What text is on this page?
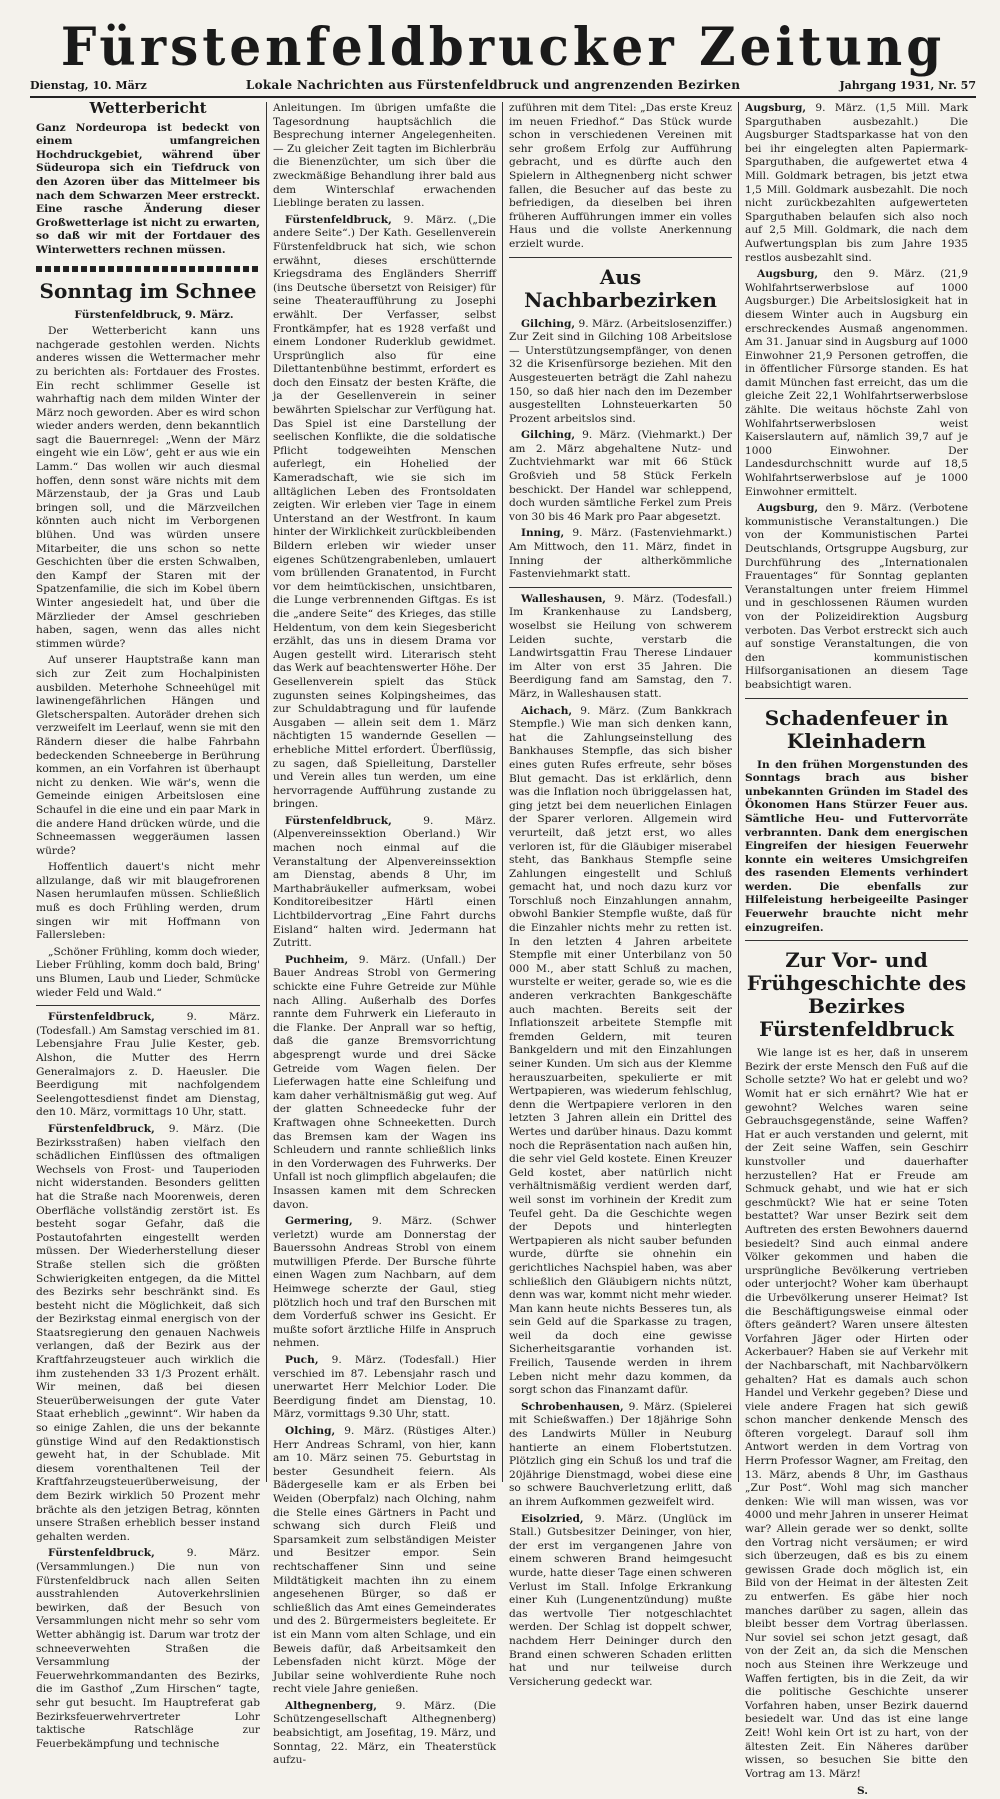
Fürstenfeldbrucker Zeitung
Dienstag, 10. März	Lokale Nachrichten aus Fürstenfeldbruck und angrenzenden Bezirken	Jahrgang 1931, Nr. 57
Wetterbericht

Ganz Nordeuropa ist bedeckt von einem umfangreichen Hochdruckgebiet, während über Südeuropa sich ein Tiefdruck von den Azoren über das Mittelmeer bis nach dem Schwarzen Meer erstreckt. Eine rasche Änderung dieser Großwetterlage ist nicht zu erwarten, so daß wir mit der Fortdauer des Winterwetters rechnen müssen.

Sonntag im Schnee

Fürstenfeldbruck, 9. März.

Der Wetterbericht kann uns nachgerade gestohlen werden. Nichts anderes wissen die Wettermacher mehr zu berichten als: Fortdauer des Frostes. Ein recht schlimmer Geselle ist wahrhaftig nach dem milden Winter der März noch geworden. Aber es wird schon wieder anders werden, denn bekanntlich sagt die Bauernregel: „Wenn der März eingeht wie ein Löw‘, geht er aus wie ein Lamm.“ Das wollen wir auch diesmal hoffen, denn sonst wäre nichts mit dem Märzenstaub, der ja Gras und Laub bringen soll, und die Märzveilchen könnten auch nicht im Verborgenen blühen. Und was würden unsere Mitarbeiter, die uns schon so nette Geschichten über die ersten Schwalben, den Kampf der Staren mit der Spatzenfamilie, die sich im Kobel übern Winter angesiedelt hat, und über die Märzlieder der Amsel geschrieben haben, sagen, wenn das alles nicht stimmen würde?

Auf unserer Hauptstraße kann man sich zur Zeit zum Hochalpinisten ausbilden. Meterhohe Schneehügel mit lawinengefährlichen Hängen und Gletscherspalten. Autoräder drehen sich verzweifelt im Leerlauf, wenn sie mit den Rändern dieser die halbe Fahrbahn bedeckenden Schneeberge in Berührung kommen, an ein Vorfahren ist überhaupt nicht zu denken. Wie wär's, wenn die Gemeinde einigen Arbeitslosen eine Schaufel in die eine und ein paar Mark in die andere Hand drücken würde, und die Schneemassen weggeräumen lassen würde?

Hoffentlich dauert's nicht mehr allzulange, daß wir mit blaugefrorenen Nasen herumlaufen müssen. Schließlich muß es doch Frühling werden, drum singen wir mit Hoffmann von Fallersleben:

„Schöner Frühling, komm doch wieder, Lieber Frühling, komm doch bald, Bring' uns Blumen, Laub und Lieder, Schmücke wieder Feld und Wald.“

Fürstenfeldbruck,	9. März. (Todesfall.) Am Samstag verschied im 81. Lebensjahre Frau Julie Kester, geb. Alshon, die Mutter des Herrn Generalmajors z. D. Haeusler. Die Beerdigung mit nachfolgendem Seelengottesdienst findet am Dienstag, den 10. März, vormittags 10 Uhr, statt.

Fürstenfeldbruck, 9. März. (Die Bezirksstraßen) haben vielfach den schädlichen Einflüssen des oftmaligen Wechsels von Frost- und Tauperioden nicht widerstanden. Besonders gelitten hat die Straße nach Moorenweis, deren Oberfläche vollständig zerstört ist. Es besteht sogar Gefahr, daß die Postautofahrten eingestellt werden müssen. Der Wiederherstellung dieser Straße stellen sich die größten Schwierigkeiten entgegen, da die Mittel des Bezirks sehr beschränkt sind. Es besteht nicht die Möglichkeit, daß sich der Bezirkstag einmal energisch von der Staatsregierung den genauen Nachweis verlangen, daß der Bezirk aus der Kraftfahrzeugsteuer auch wirklich die ihm zustehenden 33 1/3 Prozent erhält. Wir meinen, daß bei diesen Steuerüberweisungen der gute Vater Staat erheblich „gewinnt“. Wir haben da so einige Zahlen, die uns der bekannte günstige Wind auf den Redaktionstisch geweht hat, in der Schublade. Mit diesem vorenthaltenen Teil der Kraftfahrzeugsteuerüberweisung, der dem Bezirk wirklich 50 Prozent mehr brächte als den jetzigen Betrag, könnten unsere Straßen erheblich besser instand gehalten werden.

Fürstenfeldbruck,	9. März. (Versammlungen.) Die nun von Fürstenfeldbruck nach allen Seiten ausstrahlenden Autoverkehrslinien bewirken, daß der Besuch von Versammlungen nicht mehr so sehr vom Wetter abhängig ist. Darum war trotz der schneeverwehten Straßen die Versammlung der Feuerwehrkommandanten des Bezirks, die im Gasthof „Zum Hirschen“ tagte, sehr gut besucht. Im Hauptreferat gab Bezirksfeuerwehrvertreter Lohr taktische Ratschläge zur Feuerbekämpfung und technische

Anleitungen. Im übrigen umfaßte die Tagesordnung hauptsächlich die Besprechung interner Angelegenheiten. — Zu gleicher Zeit tagten im Bichlerbräu die Bienenzüchter, um sich über die zweckmäßige Behandlung ihrer bald aus dem Winterschlaf erwachenden Lieblinge beraten zu lassen.

Fürstenfeldbruck, 9. März. („Die andere Seite“.) Der Kath. Gesellenverein Fürstenfeldbruck hat sich, wie schon erwähnt, dieses erschütternde Kriegsdrama des Engländers Sherriff (ins Deutsche übersetzt von Reisiger) für seine Theateraufführung zu Josephi erwählt. Der Verfasser, selbst Frontkämpfer, hat es 1928 verfaßt und einem Londoner Ruderklub gewidmet. Ursprünglich also für eine Dilettantenbühne bestimmt, erfordert es doch den Einsatz der besten Kräfte, die ja der Gesellenverein in seiner bewährten Spielschar zur Verfügung hat. Das Spiel ist eine Darstellung der seelischen Konflikte, die die soldatische Pflicht todgeweihten Menschen auferlegt, ein Hohelied der Kameradschaft, wie sie sich im alltäglichen Leben des Frontsoldaten zeigten. Wir erleben vier Tage in einem Unterstand an der Westfront. In kaum hinter der Wirklichkeit zurückbleibenden Bildern erleben wir wieder unser eigenes Schützengrabenleben, umlauert vom brüllenden Granatentod, in Furcht vor dem heimtückischen, unsichtbaren, die Lunge verbrennenden Giftgas. Es ist die „andere Seite“ des Krieges, das stille Heldentum, von dem kein Siegesbericht erzählt, das uns in diesem Drama vor Augen gestellt wird. Literarisch steht das Werk auf beachtenswerter Höhe. Der Gesellenverein spielt das Stück zugunsten seines Kolpingsheimes, das zur Schuldabtragung und für laufende Ausgaben — allein seit dem 1. März nächtigten 15 wandernde Gesellen — erhebliche Mittel erfordert. Überflüssig, zu sagen, daß Spielleitung, Darsteller und Verein alles tun werden, um eine hervorragende Aufführung zustande zu bringen.

Fürstenfeldbruck,	9. März. (Alpenvereinssektion Oberland.) Wir machen noch einmal auf die Veranstaltung der Alpenvereinssektion am Dienstag, abends 8 Uhr, im Marthabräukeller aufmerksam, wobei Konditoreibesitzer Härtl einen Lichtbildervortrag „Eine Fahrt durchs Eisland“ halten wird. Jedermann hat Zutritt.

Puchheim, 9. März. (Unfall.) Der Bauer Andreas Strobl von Germering schickte eine Fuhre Getreide zur Mühle nach Alling. Außerhalb des Dorfes rannte dem Fuhrwerk ein Lieferauto in die Flanke. Der Anprall war so heftig, daß die ganze Bremsvorrichtung abgesprengt wurde und drei Säcke Getreide vom Wagen fielen. Der Lieferwagen hatte eine Schleifung und kam daher verhältnismäßig gut weg. Auf der glatten Schneedecke fuhr der Kraftwagen ohne Schneeketten. Durch das Bremsen kam der Wagen ins Schleudern und rannte schließlich links in den Vorderwagen des Fuhrwerks. Der Unfall ist noch glimpflich abgelaufen; die Insassen kamen mit dem Schrecken davon.

Germering, 9. März. (Schwer verletzt) wurde am Donnerstag der Bauerssohn Andreas Strobl von einem mutwilligen Pferde. Der Bursche führte einen Wagen zum Nachbarn, auf dem Heimwege scherzte der Gaul, stieg plötzlich hoch und traf den Burschen mit dem Vorderfuß schwer ins Gesicht. Er mußte sofort ärztliche Hilfe in Anspruch nehmen.

Puch, 9. März. (Todesfall.) Hier verschied im 87. Lebensjahr rasch und unerwartet Herr Melchior Loder. Die Beerdigung findet am Dienstag, 10. März, vormittags 9.30 Uhr, statt.

Olching, 9. März. (Rüstiges Alter.) Herr Andreas Schraml, von hier, kann am 10. März seinen 75. Geburtstag in bester Gesundheit feiern. Als Bädergeselle kam er als Erben bei Weiden (Oberpfalz) nach Olching, nahm die Stelle eines Gärtners in Pacht und schwang sich durch Fleiß und Sparsamkeit zum selbständigen Meister und Besitzer empor. Sein rechtschaffener Sinn und seine Mildtätigkeit machten ihn zu einem angesehenen Bürger, so daß er schließlich das Amt eines Gemeinderates und des 2. Bürgermeisters begleitete. Er ist ein Mann vom alten Schlage, und ein Beweis dafür, daß Arbeitsamkeit den Lebensfaden nicht kürzt. Möge der Jubilar seine wohlverdiente Ruhe noch recht viele Jahre genießen.

Althegnenberg, 9. März. (Die Schützengesellschaft Althegnenberg) beabsichtigt, am Josefitag, 19. März, und Sonntag, 22. März, ein Theaterstück aufzu-

zuführen mit dem Titel: „Das erste Kreuz im neuen Friedhof.“ Das Stück wurde schon in verschiedenen Vereinen mit sehr großem Erfolg zur Aufführung gebracht, und es dürfte auch den Spielern in Althegnenberg nicht schwer fallen, die Besucher auf das beste zu befriedigen, da dieselben bei ihren früheren Aufführungen immer ein volles Haus und die vollste Anerkennung erzielt wurde.

Aus Nachbarbezirken

Gilching, 9. März. (Arbeitslosenziffer.) Zur Zeit sind in Gilching 108 Arbeitslose — Unterstützungsempfänger, von denen 32 die Krisenfürsorge beziehen. Mit den Ausgesteuerten beträgt die Zahl nahezu 150, so daß hier nach den im Dezember ausgestellten Lohnsteuerkarten 50 Prozent arbeitslos sind.

Gilching, 9. März. (Viehmarkt.) Der am 2. März abgehaltene Nutz- und Zuchtviehmarkt war mit 66 Stück Großvieh und 58 Stück Ferkeln beschickt. Der Handel war schleppend, doch wurden sämtliche Ferkel zum Preis von 30 bis 46 Mark pro Paar abgesetzt.

Inning, 9. März. (Fastenviehmarkt.) Am Mittwoch, den 11. März, findet in Inning der altherkömmliche Fastenviehmarkt statt.

Walleshausen, 9. März. (Todesfall.) Im Krankenhause zu Landsberg, woselbst sie Heilung von schwerem Leiden suchte, verstarb die Landwirtsgattin Frau Therese Lindauer im Alter von erst 35 Jahren. Die Beerdigung fand am Samstag, den 7. März, in Walleshausen statt.

Aichach, 9. März. (Zum Bankkrach Stempfle.) Wie man sich denken kann, hat die Zahlungseinstellung des Bankhauses Stempfle, das sich bisher eines guten Rufes erfreute, sehr böses Blut gemacht. Das ist erklärlich, denn was die Inflation noch übriggelassen hat, ging jetzt bei dem neuerlichen Einlagen der Sparer verloren. Allgemein wird verurteilt, daß jetzt erst, wo alles verloren ist, für die Gläubiger miserabel steht, das Bankhaus Stempfle seine Zahlungen eingestellt und Schluß gemacht hat, und noch dazu kurz vor Torschluß noch Einzahlungen annahm, obwohl Bankier Stempfle wußte, daß für die Einzahler nichts mehr zu retten ist. In den letzten 4 Jahren arbeitete Stempfle mit einer Unterbilanz von 50 000 M., aber statt Schluß zu machen, wurstelte er weiter, gerade so, wie es die anderen verkrachten Bankgeschäfte auch machten. Bereits seit der Inflationszeit arbeitete Stempfle mit fremden Geldern, mit teuren Bankgeldern und mit den Einzahlungen seiner Kunden. Um sich aus der Klemme herauszuarbeiten, spekulierte er mit Wertpapieren, was wiederum fehlschlug, denn die Wertpapiere verloren in den letzten 3 Jahren allein ein Drittel des Wertes und darüber hinaus. Dazu kommt noch die Repräsentation nach außen hin, die sehr viel Geld kostete. Einen Kreuzer Geld kostet, aber natürlich nicht verhältnismäßig verdient werden darf, weil sonst im vorhinein der Kredit zum Teufel geht. Da die Geschichte wegen der Depots und hinterlegten Wertpapieren als nicht sauber befunden wurde, dürfte sie ohnehin ein gerichtliches Nachspiel haben, was aber schließlich den Gläubigern nichts nützt, denn was war, kommt nicht mehr wieder. Man kann heute nichts Besseres tun, als sein Geld auf die Sparkasse zu tragen, weil da doch eine gewisse Sicherheitsgarantie vorhanden ist. Freilich, Tausende werden in ihrem Leben nicht mehr dazu kommen, da sorgt schon das Finanzamt dafür.

Schrobenhausen, 9. März. (Spielerei mit Schießwaffen.) Der 18jährige Sohn des Landwirts Müller in Neuburg hantierte an einem Flobertstutzen. Plötzlich ging ein Schuß los und traf die 20jährige Dienstmagd, wobei diese eine so schwere Bauchverletzung erlitt, daß an ihrem Aufkommen gezweifelt wird.

Eisolzried, 9. März. (Unglück im Stall.) Gutsbesitzer Deininger, von hier, der erst im vergangenen Jahre von einem schweren Brand heimgesucht wurde, hatte dieser Tage einen schweren Verlust im Stall. Infolge Erkrankung einer Kuh (Lungenentzündung) mußte das wertvolle Tier notgeschlachtet werden. Der Schlag ist doppelt schwer, nachdem Herr Deininger durch den Brand einen schweren Schaden erlitten hat und nur teilweise durch Versicherung gedeckt war.

Augsburg, 9. März. (1,5 Mill. Mark Sparguthaben ausbezahlt.) Die Augsburger Stadtsparkasse hat von den bei ihr eingelegten alten Papiermark-Sparguthaben, die aufgewertet etwa 4 Mill. Goldmark betragen, bis jetzt etwa 1,5 Mill. Goldmark ausbezahlt. Die noch nicht zurückbezahlten aufgewerteten Sparguthaben belaufen sich also noch auf 2,5 Mill. Goldmark, die nach dem Aufwertungsplan bis zum Jahre 1935 restlos ausbezahlt sind.

Augsburg, den 9. März. (21,9 Wohlfahrtserwerbslose auf 1000 Augsburger.) Die Arbeitslosigkeit hat in diesem Winter auch in Augsburg ein erschreckendes Ausmaß angenommen. Am 31. Januar sind in Augsburg auf 1000 Einwohner 21,9 Personen getroffen, die in öffentlicher Fürsorge standen. Es hat damit München fast erreicht, das um die gleiche Zeit 22,1 Wohlfahrtserwerbslose zählte. Die weitaus höchste Zahl von Wohlfahrtserwerbslosen weist Kaiserslautern auf, nämlich 39,7 auf je 1000 Einwohner. Der Landesdurchschnitt wurde auf 18,5 Wohlfahrtserwerbslose auf je 1000 Einwohner ermittelt.

Augsburg, den 9. März. (Verbotene kommunistische Veranstaltungen.) Die von der Kommunistischen Partei Deutschlands, Ortsgruppe Augsburg, zur Durchführung des „Internationalen Frauentages“ für Sonntag geplanten Veranstaltungen unter freiem Himmel und in geschlossenen Räumen wurden von der Polizeidirektion Augsburg verboten. Das Verbot erstreckt sich auch auf sonstige Veranstaltungen, die von den kommunistischen Hilfsorganisationen an diesem Tage beabsichtigt waren.

Schadenfeuer in Kleinhadern

In den frühen Morgenstunden des Sonntags brach aus bisher unbekannten Gründen im Stadel des Ökonomen Hans Stürzer Feuer aus. Sämtliche Heu- und Futtervorräte verbrannten. Dank dem energischen Eingreifen der hiesigen Feuerwehr konnte ein weiteres Umsichgreifen des rasenden Elements verhindert werden. Die ebenfalls zur Hilfeleistung herbeigeeilte Pasinger Feuerwehr brauchte nicht mehr einzugreifen.

Zur Vor- und Frühgeschichte des Bezirkes Fürstenfeldbruck

Wie lange ist es her, daß in unserem Bezirk der erste Mensch den Fuß auf die Scholle setzte? Wo hat er gelebt und wo? Womit hat er sich ernährt? Wie hat er gewohnt? Welches waren seine Gebrauchsgegenstände, seine Waffen? Hat er auch verstanden und gelernt, mit der Zeit seine Waffen, sein Geschirr kunstvoller und dauerhafter herzustellen? Hat er Freude am Schmuck gehabt, und wie hat er sich geschmückt? Wie hat er seine Toten bestattet? War unser Bezirk seit dem Auftreten des ersten Bewohners dauernd besiedelt? Sind auch einmal andere Völker gekommen und haben die ursprüngliche Bevölkerung vertrieben oder unterjocht? Woher kam überhaupt die Urbevölkerung unserer Heimat? Ist die Beschäftigungsweise einmal oder öfters geändert? Waren unsere ältesten Vorfahren Jäger oder Hirten oder Ackerbauer? Haben sie auf Verkehr mit der Nachbarschaft, mit Nachbarvölkern gehalten? Hat es damals auch schon Handel und Verkehr gegeben? Diese und viele andere Fragen hat sich gewiß schon mancher denkende Mensch des öfteren vorgelegt. Darauf soll ihm Antwort werden in dem Vortrag von Herrn Professor Wagner, am Freitag, den 13. März, abends 8 Uhr, im Gasthaus „Zur Post“. Wohl mag sich mancher denken: Wie will man wissen, was vor 4000 und mehr Jahren in unserer Heimat war? Allein gerade wer so denkt, sollte den Vortrag nicht versäumen; er wird sich überzeugen, daß es bis zu einem gewissen Grade doch möglich ist, ein Bild von der Heimat in der ältesten Zeit zu entwerfen. Es gäbe hier noch manches darüber zu sagen, allein das bleibt besser dem Vortrag überlassen. Nur soviel sei schon jetzt gesagt, daß von der Zeit an, da sich die Menschen noch aus Steinen ihre Werkzeuge und Waffen fertigten, bis in die Zeit, da wir die politische Geschichte unserer Vorfahren haben, unser Bezirk dauernd besiedelt war. Und das ist eine lange Zeit! Wohl kein Ort ist zu hart, von der ältesten Zeit. Ein Näheres darüber wissen, so besuchen Sie bitte den Vortrag am 13. März!

S.
